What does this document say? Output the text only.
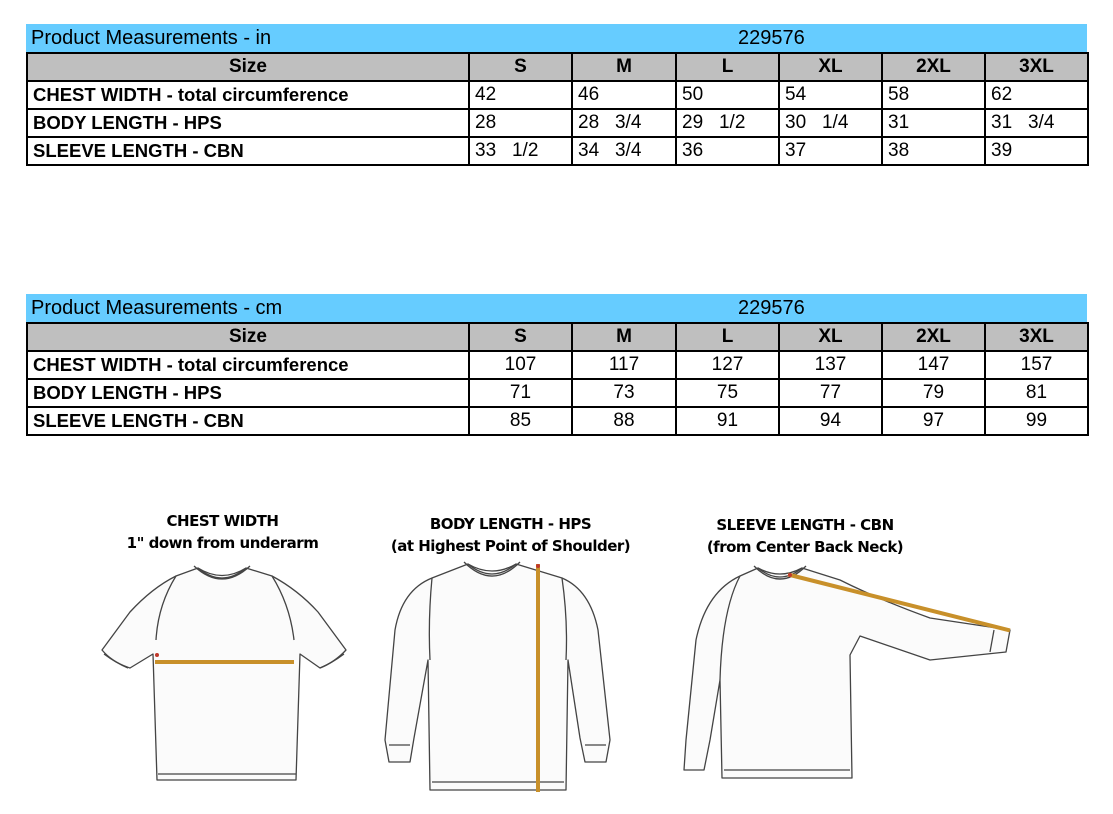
Product Measurements - in	229576
Size	S	M	L	XL	2XL	3XL
CHEST WIDTH - total circumference	42	46	50	54	58	62
BODY LENGTH - HPS	28	28   3/4	29   1/2	30   1/4	31	31   3/4
SLEEVE LENGTH - CBN	33   1/2	34   3/4	36	37	38	39
Product Measurements - cm	229576
Size	S	M	L	XL	2XL	3XL
CHEST WIDTH - total circumference	107	117	127	137	147	157
BODY LENGTH - HPS	71	73	75	77	79	81
SLEEVE LENGTH - CBN	85	88	91	94	97	99
CHEST WIDTH
1" down from underarm
BODY LENGTH - HPS
(at Highest Point of Shoulder)
SLEEVE LENGTH - CBN
(from Center Back Neck)
